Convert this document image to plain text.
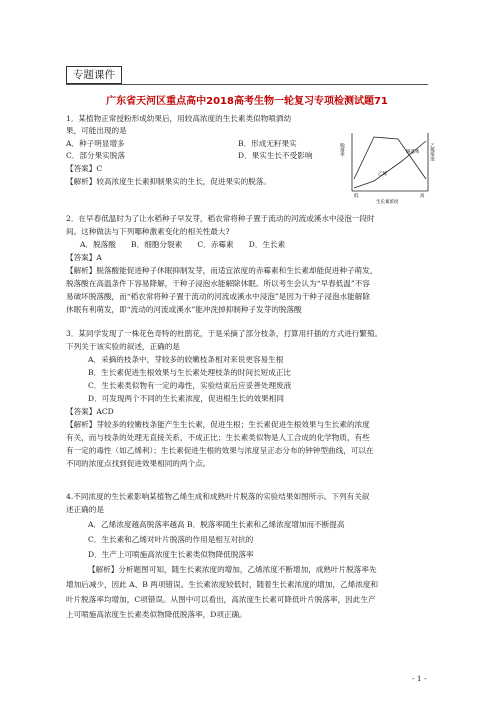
专题课件
广东省天河区重点高中2018高考生物一轮复习专项检测试题71
1．某植物正常授粉形成幼果后，用较高浓度的生长素类似物喷洒幼
果，可能出现的是
A．种子明显增多	B．形成无籽果实
C．部分果实脱落	D．果实生长不受影响
【答案】C
【解析】较高浓度生长素抑制果实的生长，促进果实的脱落。
脱落率	乙烯浓度
乙烯
脱落率
低	高
生长素浓度
2．在早春低温时为了让水稻种子早发芽，稻农常将种子置于流动的河流或溪水中浸泡一段时
间。这种做法与下列哪种激素变化的相关性最大?
A．脱落酸　　B．细胞分裂素　　C．赤霉素　　D．生长素
【答案】A
【解析】脱落酸能促进种子休眠抑制发芽，而适宜浓度的赤霉素和生长素却能促进种子萌发，
脱落酸在高温条件下容易降解，干种子浸泡水能解除休眠。所以考生会认为“早春低温”不容
易破坏脱落酸，而“稻农常将种子置于流动的河流或溪水中浸泡”是因为干种子浸泡水能解除
休眠有利萌发，即“流动的河流或溪水”能冲洗掉抑制种子发芽的脱落酸
3．某同学发现了一株花色奇特的杜鹃花，于是采摘了部分枝条，打算用扦插的方式进行繁殖。
下列关于该实验的叙述，正确的是
A．采摘的枝条中，芽较多的较嫩枝条相对来说更容易生根
B．生长素促进生根效果与生长素处理枝条的时间长短成正比
C．生长素类似物有一定的毒性，实验结束后应妥善处理废液
D．可发现两个不同的生长素浓度，促进根生长的效果相同
【答案】ACD
【解析】芽较多的较嫩枝条能产生生长素，促进生根；生长素促进生根效果与生长素的浓度
有关，而与枝条的处理无直接关系，不成正比；生长素类似物是人工合成的化学物质，有些
有一定的毒性（如乙烯利）；生长素促进生根的效果与浓度呈正态分布的钟钟型曲线，可以在
不同的浓度点找到促进效果相同的两个点。
4.不同浓度的生长素影响某植物乙烯生成和成熟叶片脱落的实验结果如图所示。下列有关叙
述正确的是
A．乙烯浓度越高脱落率越高 B．脱落率随生长素和乙烯浓度增加而不断提高
C．生长素和乙烯对叶片脱落的作用是相互对抗的
D．生产上可喷施高浓度生长素类似物降低脱落率
【解析】分析题图可知，随生长素浓度的增加，乙烯浓度不断增加，成熟叶片脱落率先
增加后减少，因此 A、B 两项错误。生长素浓度较低时，随着生长素浓度的增加，乙烯浓度和
叶片脱落率均增加，C项错误。从图中可以看出，高浓度生长素可降低叶片脱落率，因此生产
上可喷施高浓度生长素类似物降低脱落率，D项正确。
- 1 -
